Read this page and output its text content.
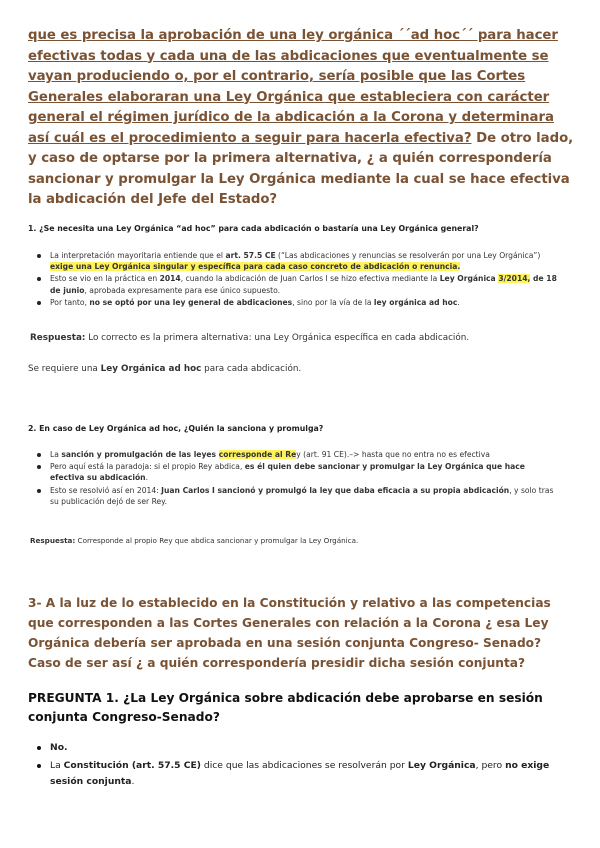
que es precisa la aprobación de una ley orgánica ´´ad hoc´´ para hacer efectivas todas y cada una de las abdicaciones que eventualmente se vayan produciendo o, por el contrario, sería posible que las Cortes Generales elaboraran una Ley Orgánica que estableciera con carácter general el régimen jurídico de la abdicación a la Corona y determinara así cuál es el procedimiento a seguir para hacerla efectiva? De otro lado, y caso de optarse por la primera alternativa, ¿ a quién correspondería sancionar y promulgar la Ley Orgánica mediante la cual se hace efectiva la abdicación del Jefe del Estado?
1. ¿Se necesita una Ley Orgánica “ad hoc” para cada abdicación o bastaría una Ley Orgánica general?
La interpretación mayoritaria entiende que el art. 57.5 CE (“Las abdicaciones y renuncias se resolverán por una Ley Orgánica”) exige una Ley Orgánica singular y específica para cada caso concreto de abdicación o renuncia.
Esto se vio en la práctica en 2014, cuando la abdicación de Juan Carlos I se hizo efectiva mediante la Ley Orgánica 3/2014, de 18 de junio, aprobada expresamente para ese único supuesto.
Por tanto, no se optó por una ley general de abdicaciones, sino por la vía de la ley orgánica ad hoc.
Respuesta: Lo correcto es la primera alternativa: una Ley Orgánica específica en cada abdicación.
Se requiere una Ley Orgánica ad hoc para cada abdicación.
2. En caso de Ley Orgánica ad hoc, ¿Quién la sanciona y promulga?
La sanción y promulgación de las leyes corresponde al Rey (art. 91 CE).–> hasta que no entra no es efectiva
Pero aquí está la paradoja: si el propio Rey abdica, es él quien debe sancionar y promulgar la Ley Orgánica que hace efectiva su abdicación.
Esto se resolvió así en 2014: Juan Carlos I sancionó y promulgó la ley que daba eficacia a su propia abdicación, y solo tras su publicación dejó de ser Rey.
Respuesta: Corresponde al propio Rey que abdica sancionar y promulgar la Ley Orgánica.
3- A la luz de lo establecido en la Constitución y relativo a las competencias que corresponden a las Cortes Generales con relación a la Corona ¿ esa Ley Orgánica debería ser aprobada en una sesión conjunta Congreso- Senado? Caso de ser así ¿ a quién correspondería presidir dicha sesión conjunta?
PREGUNTA 1. ¿La Ley Orgánica sobre abdicación debe aprobarse en sesión conjunta Congreso-Senado?
No.
La Constitución (art. 57.5 CE) dice que las abdicaciones se resolverán por Ley Orgánica, pero no exige sesión conjunta.
